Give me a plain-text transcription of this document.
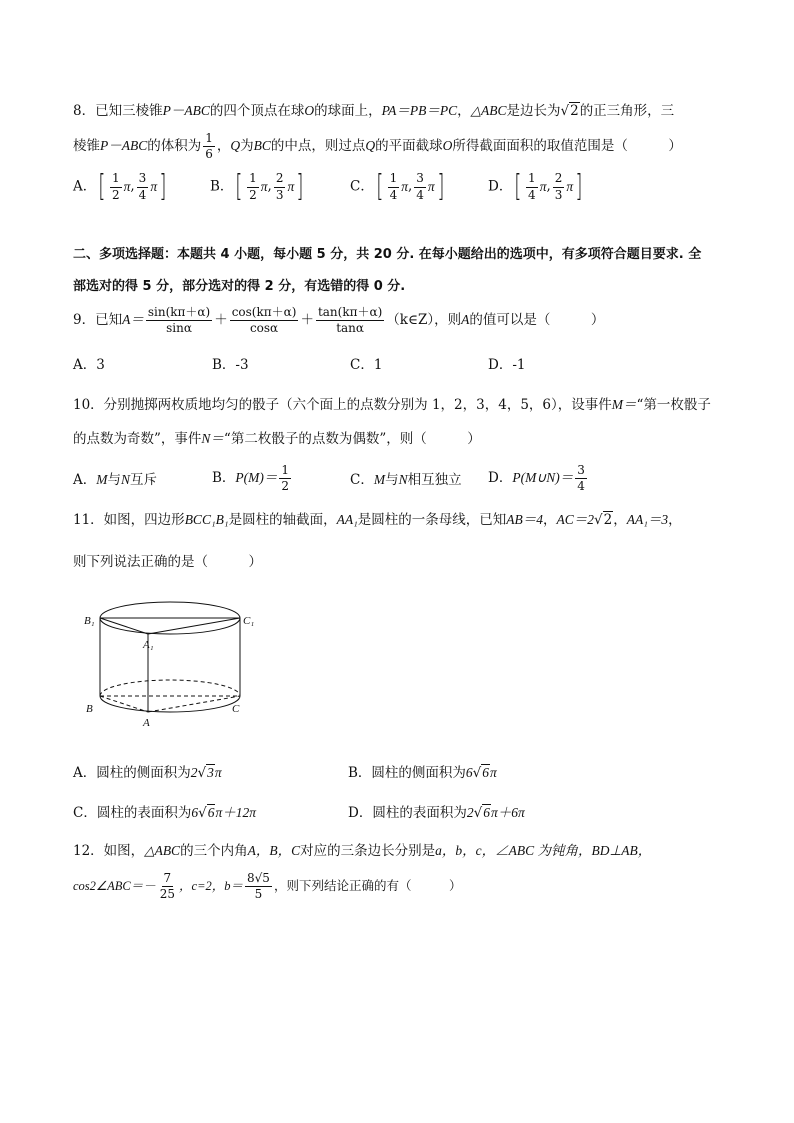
8．已知三棱锥P－ABC的四个顶点在球O的球面上，PA＝PB＝PC，△ABC是边长为√2的正三角形，三
棱锥P－ABC的体积为 $\frac{1}{6}$ ，Q为BC的中点，则过点Q的平面截球O所得截面面积的取值范围是（　　　）
A． [ $\frac{1}{2}$ π , $\frac{3}{4}$ π ]	B． [ $\frac{1}{2}$ π , $\frac{2}{3}$ π ]	C． [ $\frac{1}{4}$ π , $\frac{3}{4}$ π ]	D． [ $\frac{1}{4}$ π , $\frac{2}{3}$ π ]
二、多项选择题：本题共 4 小题，每小题 5 分，共 20 分. 在每小题给出的选项中，有多项符合题目要求. 全
部选对的得 5 分，部分选对的得 2 分，有选错的得 0 分.
9．已知$A= \frac{\sin(k\pi+\alpha)}{\sin\alpha} + \frac{\cos(k\pi+\alpha)}{\cos\alpha} + \frac{\tan(k\pi+\alpha)}{\tan\alpha}$ （k∈Z），则A的值可以是（　　　）
A．3	B．-3	C．1	D．-1
10．分别抛掷两枚质地均匀的骰子（六个面上的点数分别为 1，2，3，4，5，6），设事件M＝“第一枚骰子
的点数为奇数”，事件N＝“第二枚骰子的点数为偶数”，则（　　　）
A．M与N互斥	B．$P(M)= \frac{1}{2}$	C．M与N相互独立 D．P(M∪N)＝ $\frac{3}{4}$
11．如图，四边形BCC₁B₁是圆柱的轴截面，AA₁是圆柱的一条母线，已知AB＝4，AC＝2√2，AA₁＝3，
则下列说法正确的是（　　　）
B₁	C₁
A₁
B	C
A
A．圆柱的侧面积为2√3π	B．圆柱的侧面积为6√6π
C．圆柱的表面积为6√6π＋12π	D．圆柱的表面积为2√6π＋6π
12．如图，△ABC的三个内角A，B，C对应的三条边长分别是a，b，c，∠ABC 为钝角，BD⊥AB，
cos2∠ABC＝－ $\frac{7}{25}$ ，c=2，$b= \frac{8√5}{5}$ ，则下列结论正确的有（　　　）
